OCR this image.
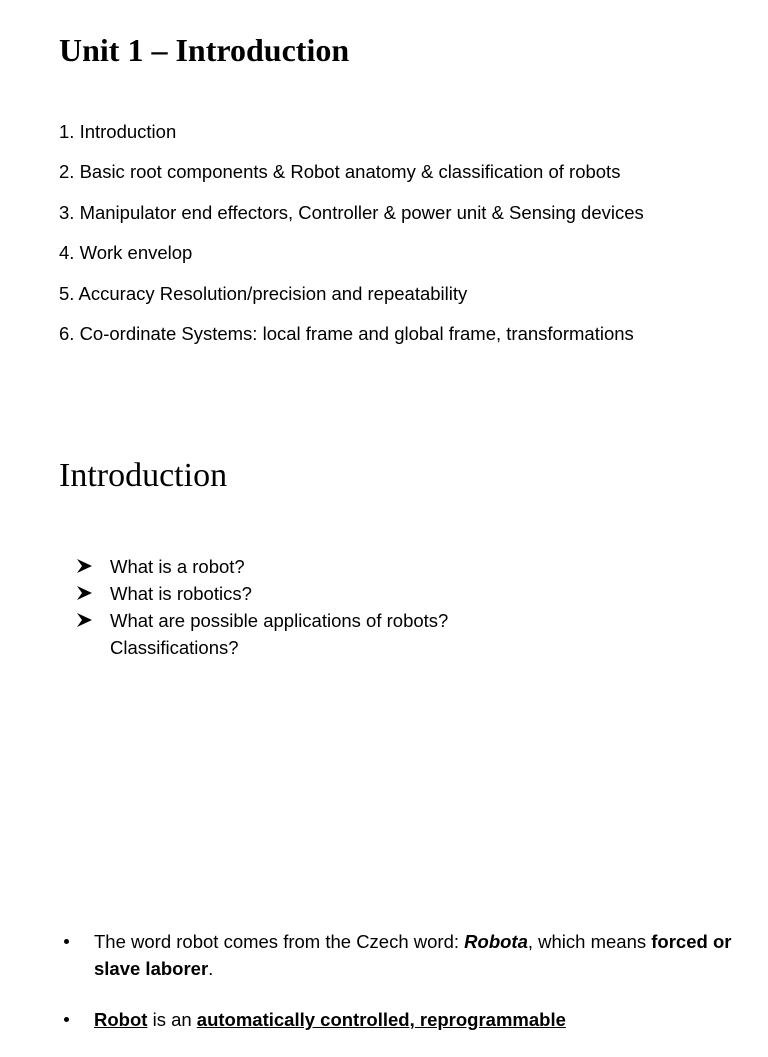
Unit 1 – Introduction
1. Introduction
2. Basic root components & Robot anatomy & classification of robots
3. Manipulator end effectors, Controller & power unit & Sensing devices
4. Work envelop
5. Accuracy Resolution/precision and repeatability
6. Co-ordinate Systems: local frame and global frame, transformations
Introduction
What is a robot?
What is robotics?
What are possible applications of robots?
Classifications?
The word robot comes from the Czech word: Robota, which means forced or slave laborer.
Robot is an automatically controlled, reprogrammable
